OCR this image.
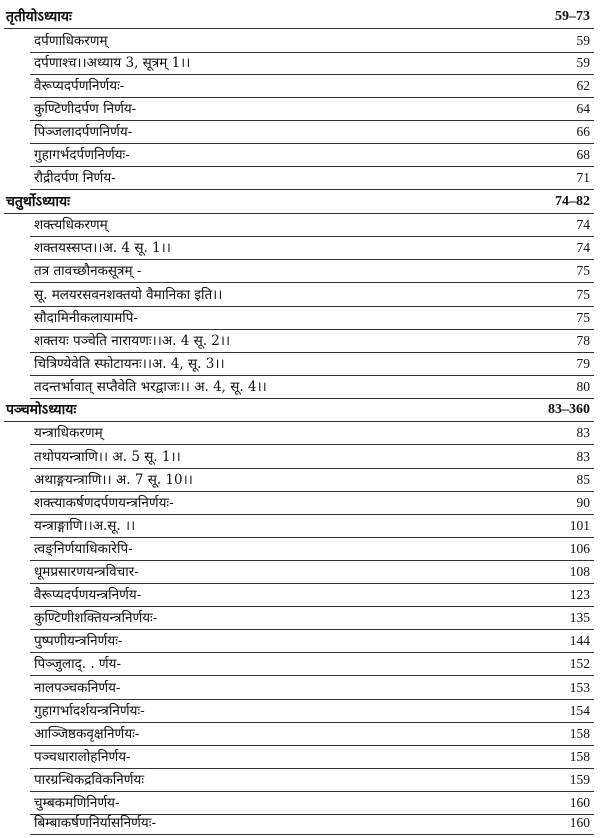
तृतीयोऽध्यायः	59–73
दर्पणाधिकरणम्	59
दर्पणाश्च।।अध्याय 3, सूत्रम् 1।।	59
वैरूप्यदर्पणनिर्णयः-	62
कुण्टिणीदर्पण निर्णय-	64
पिञ्जलादर्पणनिर्णय-	66
गुहागर्भदर्पणनिर्णयः-	68
रौद्रीदर्पण निर्णय-	71
चतुर्थोऽध्यायः	74–82
शक्त्यधिकरणम्	74
शक्तयस्सप्त।।अ. 4 सू. 1।।	74
तत्र तावच्छौनकसूत्रम् -	75
सू. मलयरसवनशक्तयो वैमानिका इति।।	75
सौदामिनीकलायामपि-	75
शक्तयः पञ्चेति नारायणः।।अ. 4 सू. 2।।	78
चित्रिण्येवेति स्फोटायनः।।अ. 4, सू. 3।।	79
तदन्तर्भावात् सप्तैवेति भरद्वाजः।। अ. 4, सू. 4।।	80
पञ्चमोऽध्यायः	83–360
यन्त्राधिकरणम्	83
तथोपयन्त्राणि।। अ. 5 सू. 1।।	83
अथाङ्गयन्त्राणि।। अ. 7 सू. 10।।	85
शक्त्याकर्षणदर्पणयन्त्रनिर्णयः-	90
यन्त्राङ्गाणि।।अ.सू. ।।	101
त्वङ्निर्णयाधिकारेपि-	106
धूमप्रसारणयन्त्रविचार-	108
वैरूप्यदर्पणयन्त्रनिर्णय-	123
कुण्टिणीशक्तियन्त्रनिर्णयः-	135
पुष्पणीयन्त्रनिर्णयः-	144
पिञ्जुलाद्. . र्णय-	152
नालपञ्चकनिर्णय-	153
गुहागर्भादर्शयन्त्रनिर्णयः-	154
आञ्जिष्ठकवृक्षनिर्णयः-	158
पञ्चधारालोहनिर्णय-	158
पारग्रन्धिकद्रविकनिर्णयः	159
चुम्बकमणिनिर्णय-	160
बिम्बाकर्षणनिर्यासनिर्णयः-	160
